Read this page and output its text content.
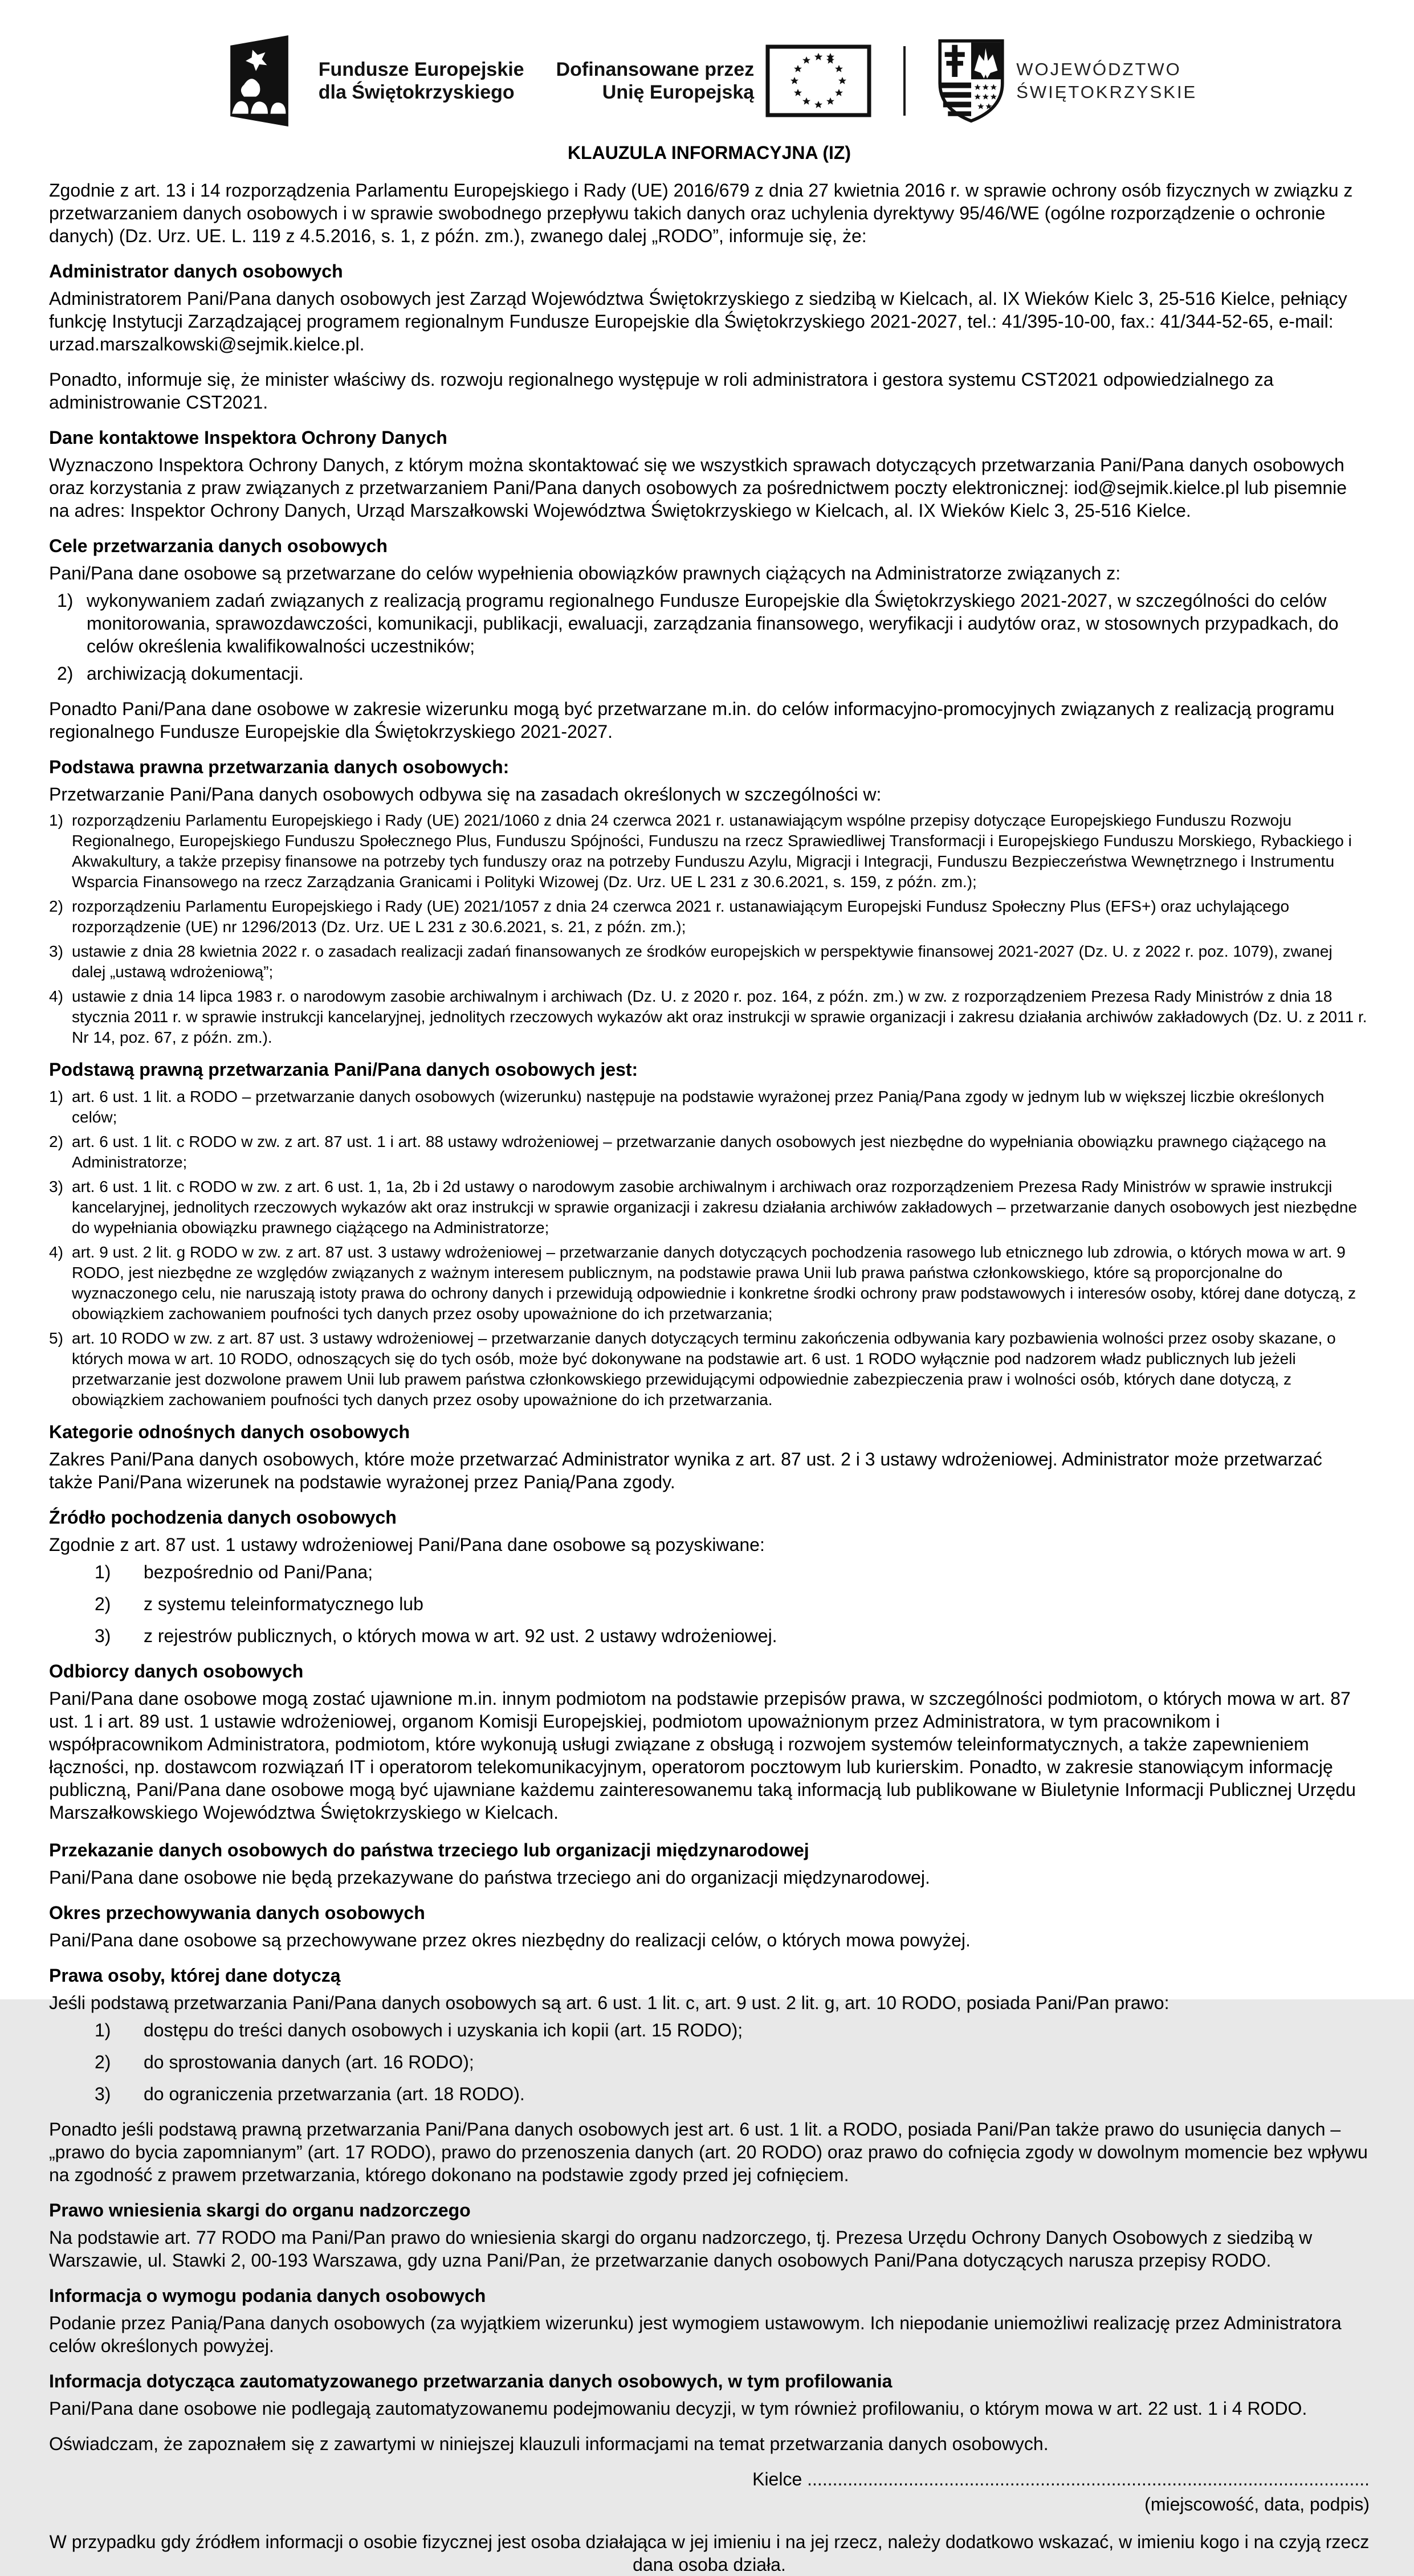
Fundusze Europejskie
dla Świętokrzyskiego
Dofinansowane przez
Unię Europejską
WOJEWÓDZTWO
ŚWIĘTOKRZYSKIE
KLAUZULA INFORMACYJNA (IZ)

Zgodnie z art. 13 i 14 rozporządzenia Parlamentu Europejskiego i Rady (UE) 2016/679 z dnia 27 kwietnia 2016 r. w sprawie ochrony osób fizycznych w związku z przetwarzaniem danych osobowych i w sprawie swobodnego przepływu takich danych oraz uchylenia dyrektywy 95/46/WE (ogólne rozporządzenie o ochronie danych) (Dz. Urz. UE. L. 119 z 4.5.2016, s. 1, z późn. zm.), zwanego dalej „RODO”, informuje się, że:

Administrator danych osobowych

Administratorem Pani/Pana danych osobowych jest Zarząd Województwa Świętokrzyskiego z siedzibą w Kielcach, al. IX Wieków Kielc 3, 25-516 Kielce, pełniący funkcję Instytucji Zarządzającej programem regionalnym Fundusze Europejskie dla Świętokrzyskiego 2021-2027, tel.: 41/395-10-00, fax.: 41/344-52-65, e-mail: urzad.marszalkowski@sejmik.kielce.pl.

Ponadto, informuje się, że minister właściwy ds. rozwoju regionalnego występuje w roli administratora i gestora systemu CST2021 odpowiedzialnego za administrowanie CST2021.

Dane kontaktowe Inspektora Ochrony Danych

Wyznaczono Inspektora Ochrony Danych, z którym można skontaktować się we wszystkich sprawach dotyczących przetwarzania Pani/Pana danych osobowych oraz korzystania z praw związanych z przetwarzaniem Pani/Pana danych osobowych za pośrednictwem poczty elektronicznej: iod@sejmik.kielce.pl lub pisemnie na adres: Inspektor Ochrony Danych, Urząd Marszałkowski Województwa Świętokrzyskiego w Kielcach, al. IX Wieków Kielc 3, 25-516 Kielce.

Cele przetwarzania danych osobowych

Pani/Pana dane osobowe są przetwarzane do celów wypełnienia obowiązków prawnych ciążących na Administratorze związanych z:

1) wykonywaniem zadań związanych z realizacją programu regionalnego Fundusze Europejskie dla Świętokrzyskiego 2021-2027, w szczególności do celów monitorowania, sprawozdawczości, komunikacji, publikacji, ewaluacji, zarządzania finansowego, weryfikacji i audytów oraz, w stosownych przypadkach, do celów określenia kwalifikowalności uczestników;
2) archiwizacją dokumentacji.

Ponadto Pani/Pana dane osobowe w zakresie wizerunku mogą być przetwarzane m.in. do celów informacyjno-promocyjnych związanych z realizacją programu regionalnego Fundusze Europejskie dla Świętokrzyskiego 2021-2027.

Podstawa prawna przetwarzania danych osobowych:

Przetwarzanie Pani/Pana danych osobowych odbywa się na zasadach określonych w szczególności w:

1) rozporządzeniu Parlamentu Europejskiego i Rady (UE) 2021/1060 z dnia 24 czerwca 2021 r. ustanawiającym wspólne przepisy dotyczące Europejskiego Funduszu Rozwoju Regionalnego, Europejskiego Funduszu Społecznego Plus, Funduszu Spójności, Funduszu na rzecz Sprawiedliwej Transformacji i Europejskiego Funduszu Morskiego, Rybackiego i Akwakultury, a także przepisy finansowe na potrzeby tych funduszy oraz na potrzeby Funduszu Azylu, Migracji i Integracji, Funduszu Bezpieczeństwa Wewnętrznego i Instrumentu Wsparcia Finansowego na rzecz Zarządzania Granicami i Polityki Wizowej (Dz. Urz. UE L 231 z 30.6.2021, s. 159, z późn. zm.);
2) rozporządzeniu Parlamentu Europejskiego i Rady (UE) 2021/1057 z dnia 24 czerwca 2021 r. ustanawiającym Europejski Fundusz Społeczny Plus (EFS+) oraz uchylającego rozporządzenie (UE) nr 1296/2013 (Dz. Urz. UE L 231 z 30.6.2021, s. 21, z późn. zm.);
3) ustawie z dnia 28 kwietnia 2022 r. o zasadach realizacji zadań finansowanych ze środków europejskich w perspektywie finansowej 2021-2027 (Dz. U. z 2022 r. poz. 1079), zwanej dalej „ustawą wdrożeniową”;
4) ustawie z dnia 14 lipca 1983 r. o narodowym zasobie archiwalnym i archiwach (Dz. U. z 2020 r. poz. 164, z późn. zm.) w zw. z rozporządzeniem Prezesa Rady Ministrów z dnia 18 stycznia 2011 r. w sprawie instrukcji kancelaryjnej, jednolitych rzeczowych wykazów akt oraz instrukcji w sprawie organizacji i zakresu działania archiwów zakładowych (Dz. U. z 2011 r. Nr 14, poz. 67, z późn. zm.).

Podstawą prawną przetwarzania Pani/Pana danych osobowych jest:

1) art. 6 ust. 1 lit. a RODO – przetwarzanie danych osobowych (wizerunku) następuje na podstawie wyrażonej przez Panią/Pana zgody w jednym lub w większej liczbie określonych celów;
2) art. 6 ust. 1 lit. c RODO w zw. z art. 87 ust. 1 i art. 88 ustawy wdrożeniowej – przetwarzanie danych osobowych jest niezbędne do wypełniania obowiązku prawnego ciążącego na Administratorze;
3) art. 6 ust. 1 lit. c RODO w zw. z art. 6 ust. 1, 1a, 2b i 2d ustawy o narodowym zasobie archiwalnym i archiwach oraz rozporządzeniem Prezesa Rady Ministrów w sprawie instrukcji kancelaryjnej, jednolitych rzeczowych wykazów akt oraz instrukcji w sprawie organizacji i zakresu działania archiwów zakładowych – przetwarzanie danych osobowych jest niezbędne do wypełniania obowiązku prawnego ciążącego na Administratorze;
4) art. 9 ust. 2 lit. g RODO w zw. z art. 87 ust. 3 ustawy wdrożeniowej – przetwarzanie danych dotyczących pochodzenia rasowego lub etnicznego lub zdrowia, o których mowa w art. 9 RODO, jest niezbędne ze względów związanych z ważnym interesem publicznym, na podstawie prawa Unii lub prawa państwa członkowskiego, które są proporcjonalne do wyznaczonego celu, nie naruszają istoty prawa do ochrony danych i przewidują odpowiednie i konkretne środki ochrony praw podstawowych i interesów osoby, której dane dotyczą, z obowiązkiem zachowaniem poufności tych danych przez osoby upoważnione do ich przetwarzania;
5) art. 10 RODO w zw. z art. 87 ust. 3 ustawy wdrożeniowej – przetwarzanie danych dotyczących terminu zakończenia odbywania kary pozbawienia wolności przez osoby skazane, o których mowa w art. 10 RODO, odnoszących się do tych osób, może być dokonywane na podstawie art. 6 ust. 1 RODO wyłącznie pod nadzorem władz publicznych lub jeżeli przetwarzanie jest dozwolone prawem Unii lub prawem państwa członkowskiego przewidującymi odpowiednie zabezpieczenia praw i wolności osób, których dane dotyczą, z obowiązkiem zachowaniem poufności tych danych przez osoby upoważnione do ich przetwarzania.
Kategorie odnośnych danych osobowych

Zakres Pani/Pana danych osobowych, które może przetwarzać Administrator wynika z art. 87 ust. 2 i 3 ustawy wdrożeniowej. Administrator może przetwarzać także Pani/Pana wizerunek na podstawie wyrażonej przez Panią/Pana zgody.

Źródło pochodzenia danych osobowych

Zgodnie z art. 87 ust. 1 ustawy wdrożeniowej Pani/Pana dane osobowe są pozyskiwane:

1)	bezpośrednio od Pani/Pana;
2)	z systemu teleinformatycznego lub
3)	z rejestrów publicznych, o których mowa w art. 92 ust. 2 ustawy wdrożeniowej.
Odbiorcy danych osobowych

Pani/Pana dane osobowe mogą zostać ujawnione m.in. innym podmiotom na podstawie przepisów prawa, w szczególności podmiotom, o których mowa w art. 87 ust. 1 i art. 89 ust. 1 ustawie wdrożeniowej, organom Komisji Europejskiej, podmiotom upoważnionym przez Administratora, w tym pracownikom i współpracownikom Administratora, podmiotom, które wykonują usługi związane z obsługą i rozwojem systemów teleinformatycznych, a także zapewnieniem łączności, np. dostawcom rozwiązań IT i operatorom telekomunikacyjnym, operatorom pocztowym lub kurierskim. Ponadto, w zakresie stanowiącym informację publiczną, Pani/Pana dane osobowe mogą być ujawniane każdemu zainteresowanemu taką informacją lub publikowane w Biuletynie Informacji Publicznej Urzędu Marszałkowskiego Województwa Świętokrzyskiego w Kielcach.

Przekazanie danych osobowych do państwa trzeciego lub organizacji międzynarodowej

Pani/Pana dane osobowe nie będą przekazywane do państwa trzeciego ani do organizacji międzynarodowej.

Okres przechowywania danych osobowych

Pani/Pana dane osobowe są przechowywane przez okres niezbędny do realizacji celów, o których mowa powyżej.

Prawa osoby, której dane dotyczą

Jeśli podstawą przetwarzania Pani/Pana danych osobowych są art. 6 ust. 1 lit. c, art. 9 ust. 2 lit. g, art. 10 RODO, posiada Pani/Pan prawo:

1)	dostępu do treści danych osobowych i uzyskania ich kopii (art. 15 RODO);
2)	do sprostowania danych (art. 16 RODO);
3)	do ograniczenia przetwarzania (art. 18 RODO).

Ponadto jeśli podstawą prawną przetwarzania Pani/Pana danych osobowych jest art. 6 ust. 1 lit. a RODO, posiada Pani/Pan także prawo do usunięcia danych – „prawo do bycia zapomnianym” (art. 17 RODO), prawo do przenoszenia danych (art. 20 RODO) oraz prawo do cofnięcia zgody w dowolnym momencie bez wpływu na zgodność z prawem przetwarzania, którego dokonano na podstawie zgody przed jej cofnięciem.

Prawo wniesienia skargi do organu nadzorczego

Na podstawie art. 77 RODO ma Pani/Pan prawo do wniesienia skargi do organu nadzorczego, tj. Prezesa Urzędu Ochrony Danych Osobowych z siedzibą w Warszawie, ul. Stawki 2, 00-193 Warszawa, gdy uzna Pani/Pan, że przetwarzanie danych osobowych Pani/Pana dotyczących narusza przepisy RODO.

Informacja o wymogu podania danych osobowych

Podanie przez Panią/Pana danych osobowych (za wyjątkiem wizerunku) jest wymogiem ustawowym. Ich niepodanie uniemożliwi realizację przez Administratora celów określonych powyżej.

Informacja dotycząca zautomatyzowanego przetwarzania danych osobowych, w tym profilowania

Pani/Pana dane osobowe nie podlegają zautomatyzowanemu podejmowaniu decyzji, w tym również profilowaniu, o którym mowa w art. 22 ust. 1 i 4 RODO.

Oświadczam, że zapoznałem się z zawartymi w niniejszej klauzuli informacjami na temat przetwarzania danych osobowych.

Kielce ...............................................................................................................
(miejscowość, data, podpis)
W przypadku gdy źródłem informacji o osobie fizycznej jest osoba działająca w jej imieniu i na jej rzecz, należy dodatkowo wskazać, w imieniu kogo i na czyją rzecz dana osoba działa.
